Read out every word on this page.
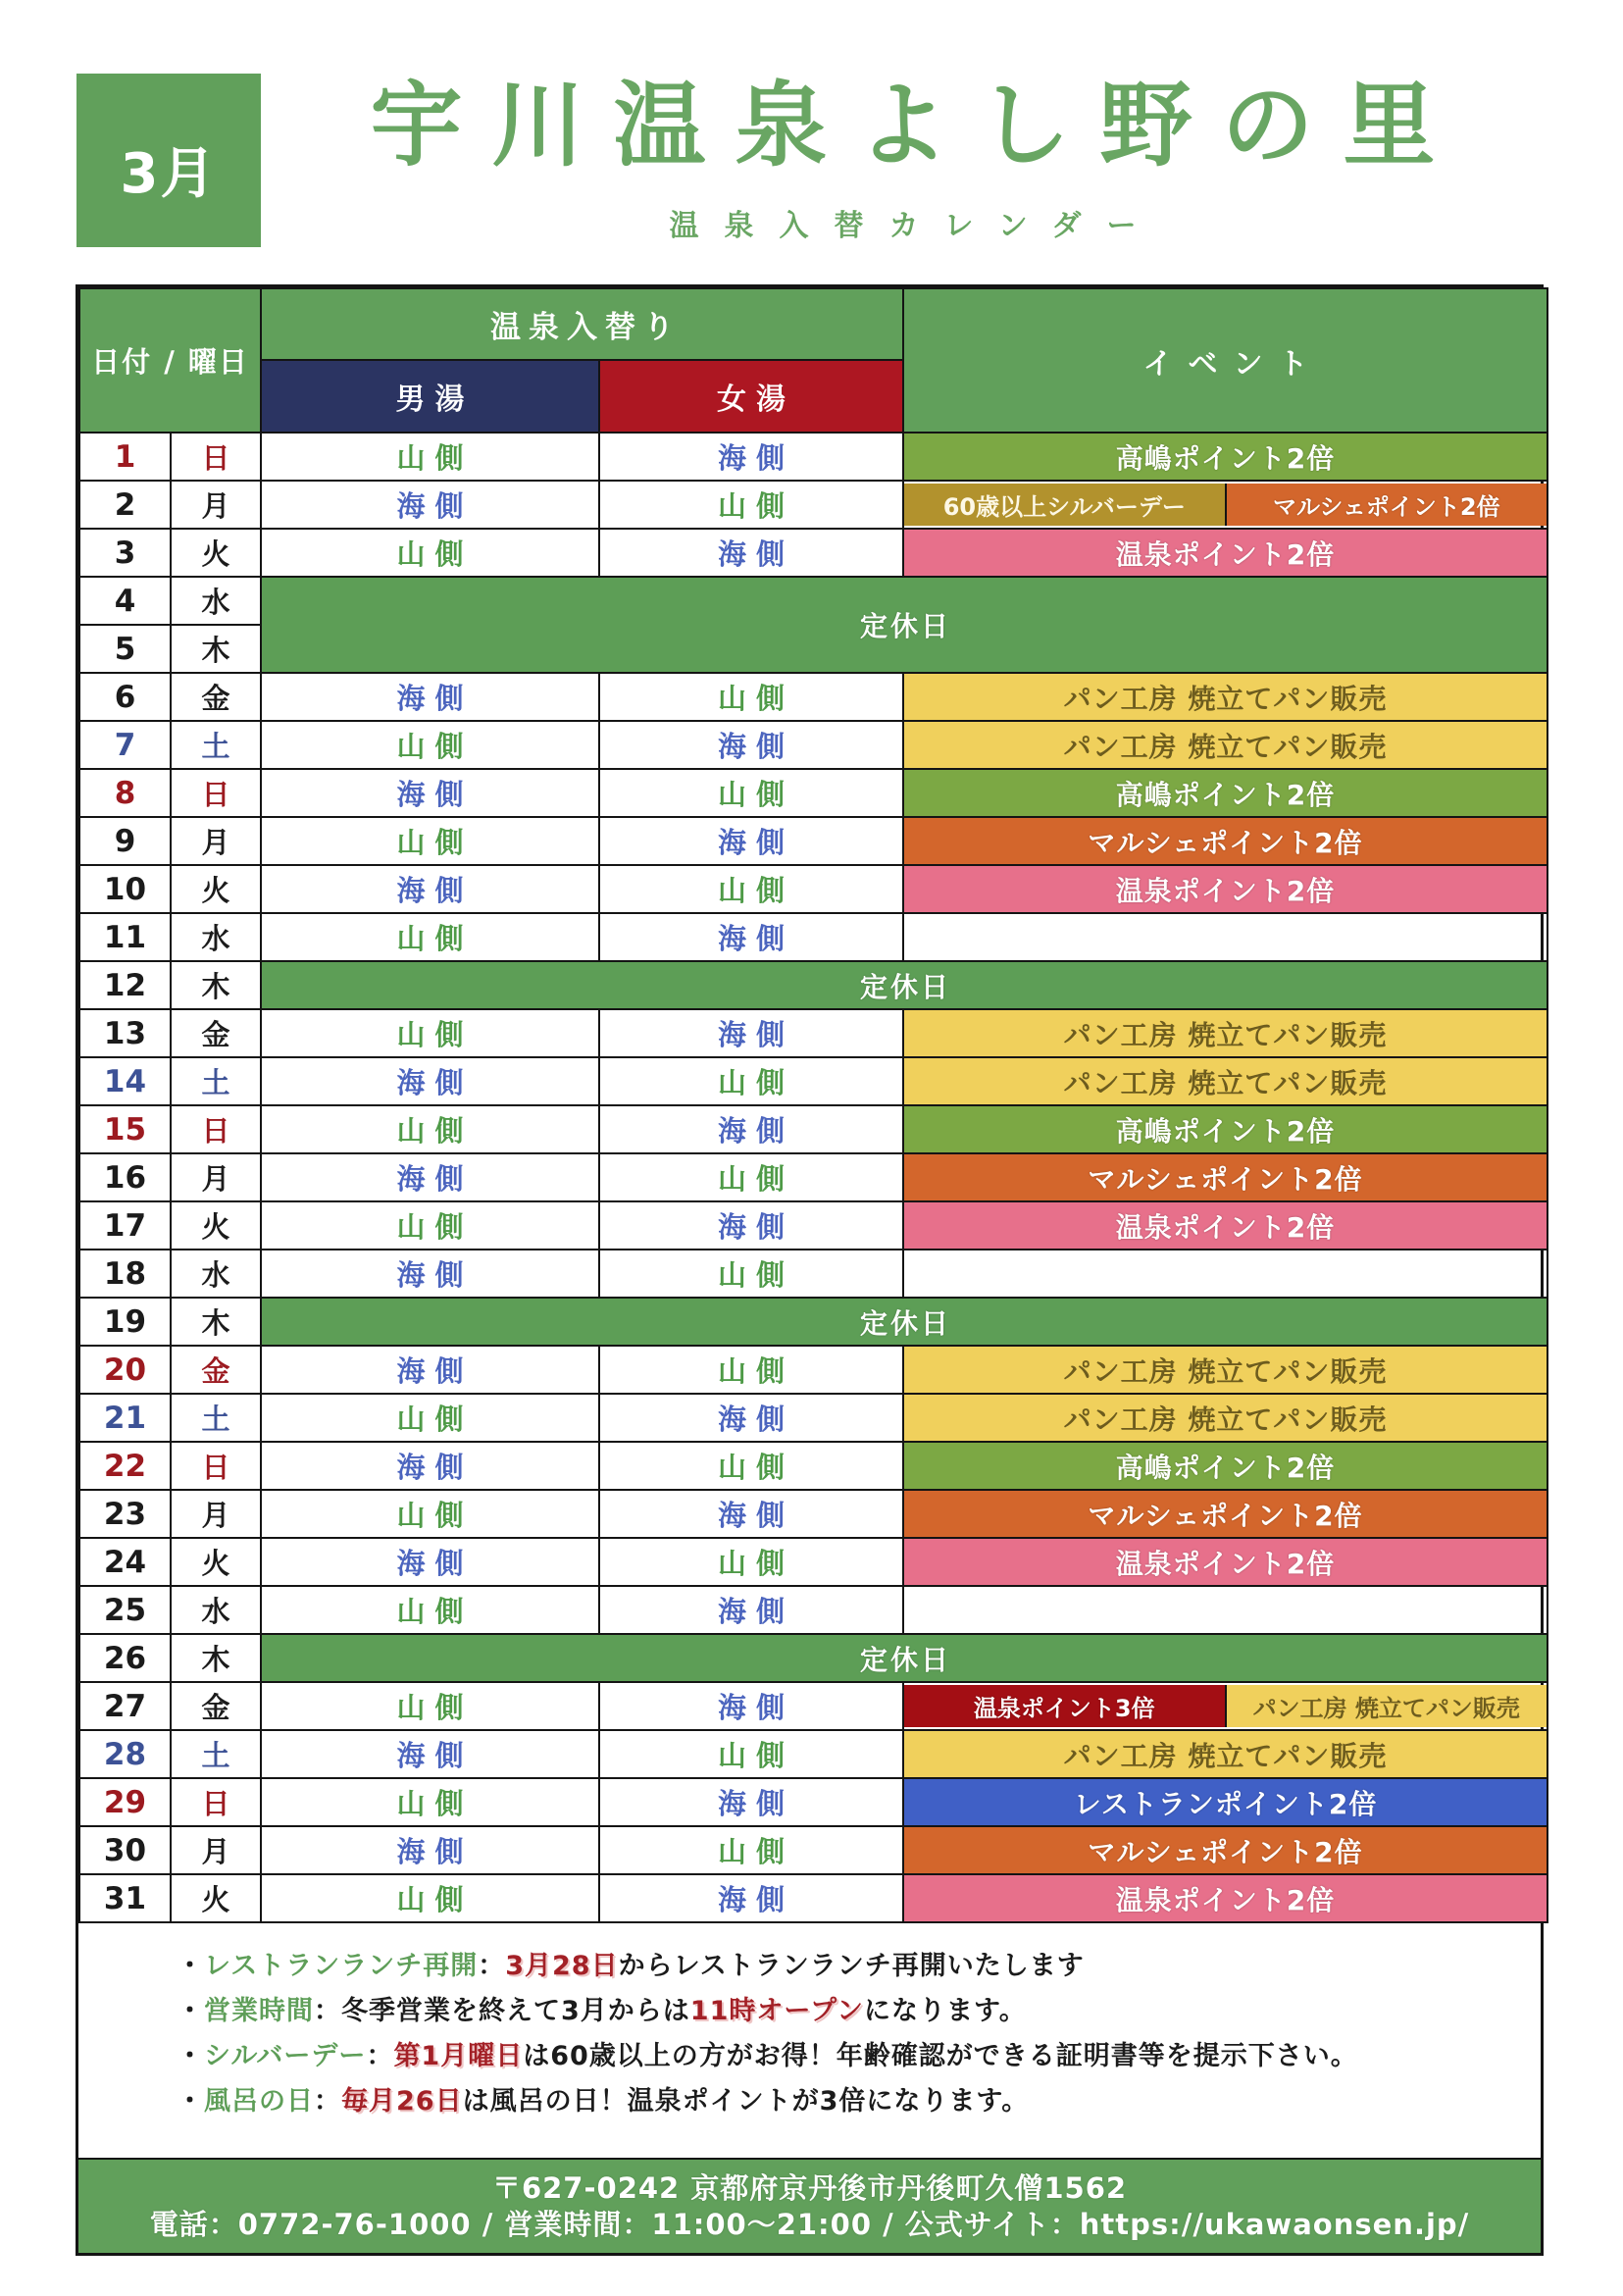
3月	宇川温泉よし野の里
温泉入替カレンダー
日付 / 曜日		温泉入替り		イベント
		男湯	女湯	
1	日	山側	海側	高嶋ポイント2倍
2	月	海側	山側	60歳以上シルバーデー マルシェポイント2倍

3	火	山側	海側	温泉ポイント2倍
4	水	定休日		
5	木			
6	金	海側	山側	パン工房 焼立てパン販売
7	土	山側	海側	パン工房 焼立てパン販売
8	日	海側	山側	高嶋ポイント2倍
9	月	山側	海側	マルシェポイント2倍
10	火	海側	山側	温泉ポイント2倍
11	水	山側	海側	
12	木	定休日		
13	金	山側	海側	パン工房 焼立てパン販売
14	土	海側	山側	パン工房 焼立てパン販売
15	日	山側	海側	高嶋ポイント2倍
16	月	海側	山側	マルシェポイント2倍
17	火	山側	海側	温泉ポイント2倍
18	水	海側	山側	
19	木	定休日		
20	金	海側	山側	パン工房 焼立てパン販売
21	土	山側	海側	パン工房 焼立てパン販売
22	日	海側	山側	高嶋ポイント2倍
23	月	山側	海側	マルシェポイント2倍
24	火	海側	山側	温泉ポイント2倍
25	水	山側	海側	
26	木	定休日		
27	金	山側	海側	温泉ポイント3倍 パン工房 焼立てパン販売

28	土	海側	山側	パン工房 焼立てパン販売
29	日	山側	海側	レストランポイント2倍
30	月	海側	山側	マルシェポイント2倍
31	火	山側	海側	温泉ポイント2倍
・レストランランチ再開：3月28日からレストランランチ再開いたします
・営業時間：冬季営業を終えて3月からは11時オープンになります。
・シルバーデー：第1月曜日は60歳以上の方がお得！年齢確認ができる証明書等を提示下さい。
・風呂の日：毎月26日は風呂の日！温泉ポイントが3倍になります。
〒627-0242 京都府京丹後市丹後町久僧1562
電話：0772-76-1000 / 営業時間：11:00〜21:00 / 公式サイト：https://ukawaonsen.jp/
